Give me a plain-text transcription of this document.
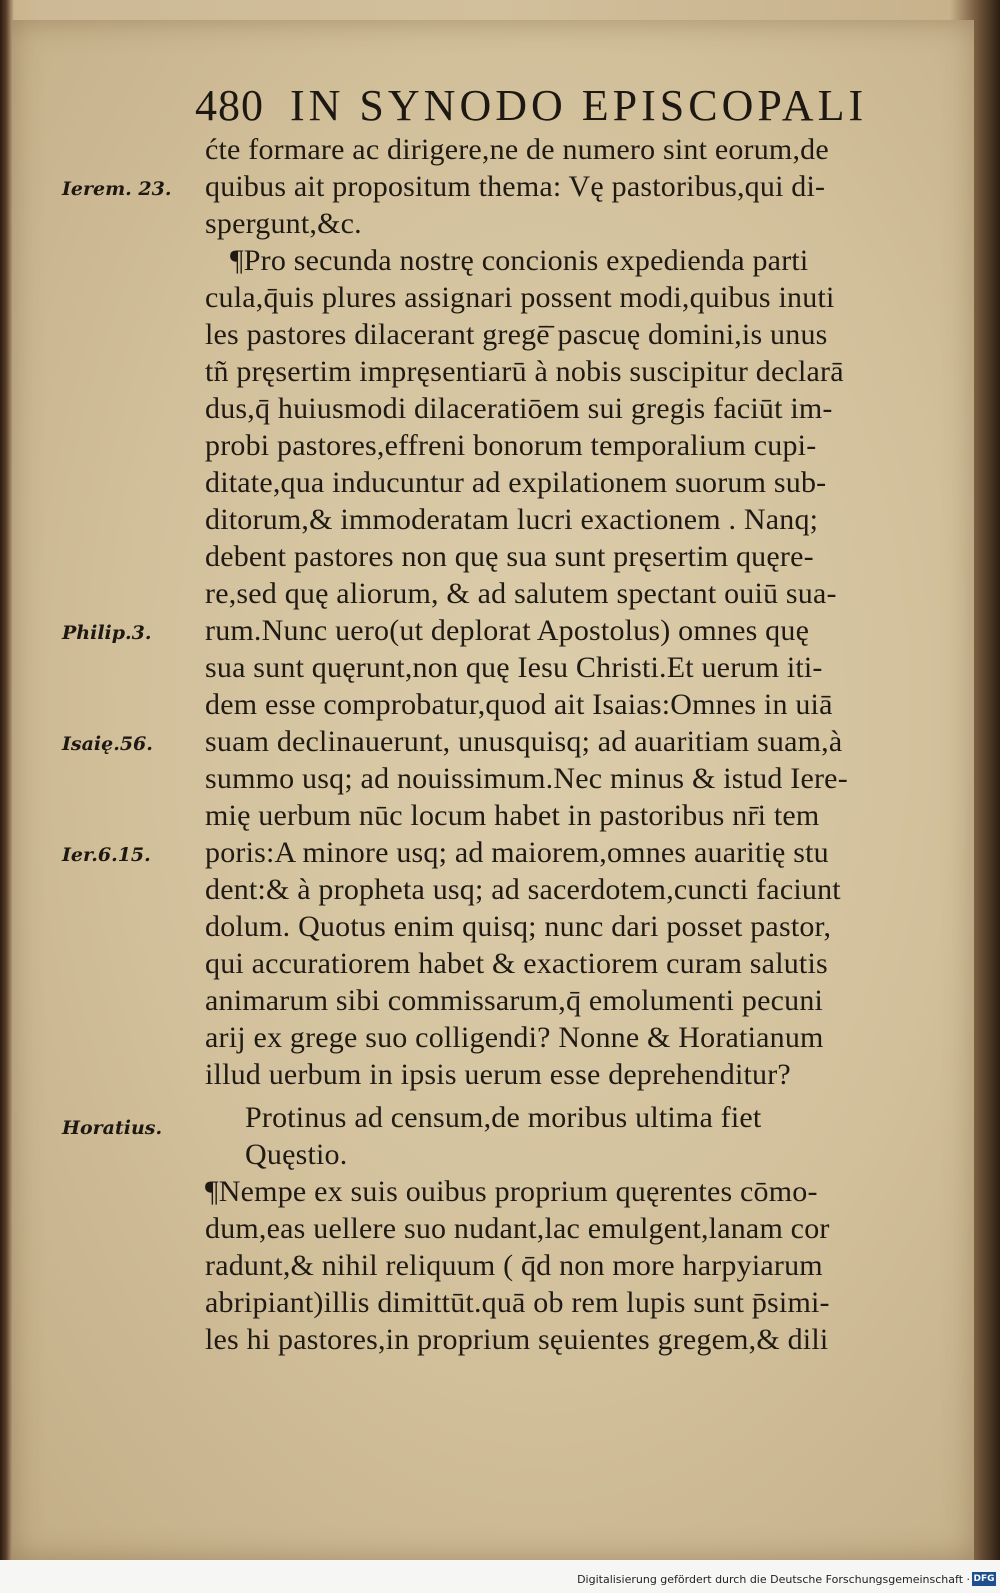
480 IN SYNODO EPISCOPALI
ćte formare ac dirigere,ne de numero sint eorum,de
quibus ait propositum thema: Vę pastoribus,qui di-
spergunt,&c.
¶Pro secunda nostrę concionis expedienda parti
cula,q̄uis plures assignari possent modi,quibus inuti
les pastores dilacerant gregē̄ pascuę domini,is unus
tñ pręsertim impręsentiarū à nobis suscipitur declarā
dus,q̄ huiusmodi dilaceratiōem sui gregis faciūt im-
probi pastores,effreni bonorum temporalium cupi-
ditate,qua inducuntur ad expilationem suorum sub-
ditorum,& immoderatam lucri exactionem . Nanq;
debent pastores non quę sua sunt pręsertim quęre-
re,sed quę aliorum, & ad salutem spectant ouiū sua-
rum.Nunc uero(ut deplorat Apostolus) omnes quę
sua sunt quęrunt,non quę Iesu Christi.Et uerum iti-
dem esse comprobatur,quod ait Isaias:Omnes in uiā
suam declinauerunt, unusquisq; ad auaritiam suam,à
summo usq; ad nouissimum.Nec minus & istud Iere-
mię uerbum nūc locum habet in pastoribus nr̄i tem
poris:A minore usq; ad maiorem,omnes auaritię stu
dent:& à propheta usq; ad sacerdotem,cuncti faciunt
dolum. Quotus enim quisq; nunc dari posset pastor,
qui accuratiorem habet & exactiorem curam salutis
animarum sibi commissarum,q̄ emolumenti pecuni
arij ex grege suo colligendi? Nonne & Horatianum
illud uerbum in ipsis uerum esse deprehenditur?
Protinus ad censum,de moribus ultima fiet
Quęstio.
¶Nempe ex suis ouibus proprium quęrentes cōmo-
dum,eas uellere suo nudant,lac emulgent,lanam cor
radunt,& nihil reliquum ( q̄d non more harpyiarum
abripiant)illis dimittūt.quā ob rem lupis sunt p̄simi-
les hi pastores,in proprium sęuientes gregem,& dili
Ierem. 23.
Philip.3.
Isaię.56.
Ier.6.15.
Horatius.
Digitalisierung gefördert durch die Deutsche Forschungsgemeinschaft · DFG
